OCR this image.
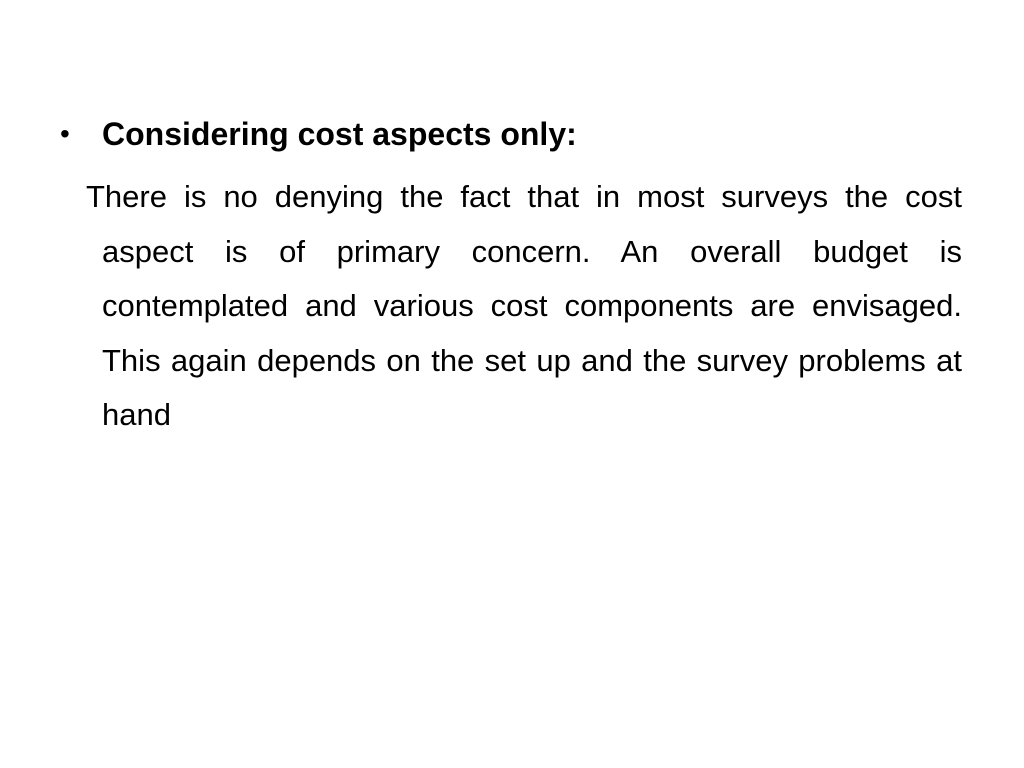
• Considering cost aspects only:

There is no denying the fact that in most surveys the cost aspect is of primary concern. An overall budget is contemplated and various cost components are envisaged. This again depends on the set up and the survey problems at hand
